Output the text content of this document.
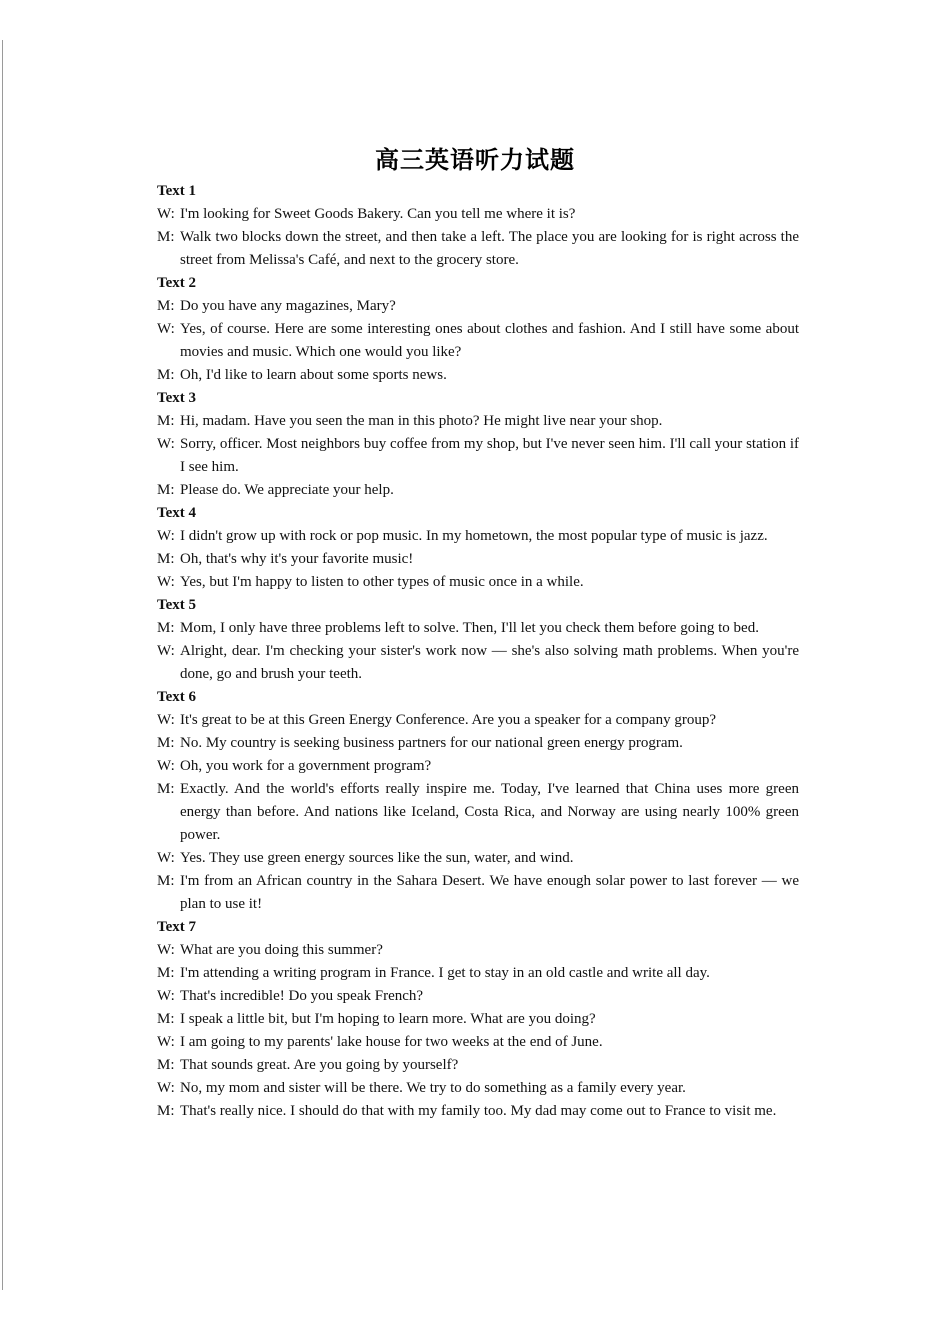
高三英语听力试题
Text 1
W: I'm looking for Sweet Goods Bakery. Can you tell me where it is?
M: Walk two blocks down the street, and then take a left. The place you are looking for is right across the street from Melissa's Café, and next to the grocery store.
Text 2
M: Do you have any magazines, Mary?
W: Yes, of course. Here are some interesting ones about clothes and fashion. And I still have some about movies and music. Which one would you like?
M: Oh, I'd like to learn about some sports news.
Text 3
M: Hi, madam. Have you seen the man in this photo? He might live near your shop.
W: Sorry, officer. Most neighbors buy coffee from my shop, but I've never seen him. I'll call your station if I see him.
M: Please do. We appreciate your help.
Text 4
W: I didn't grow up with rock or pop music. In my hometown, the most popular type of music is jazz.
M: Oh, that's why it's your favorite music!
W: Yes, but I'm happy to listen to other types of music once in a while.
Text 5
M: Mom, I only have three problems left to solve. Then, I'll let you check them before going to bed.
W: Alright, dear. I'm checking your sister's work now — she's also solving math problems. When you're done, go and brush your teeth.
Text 6
W: It's great to be at this Green Energy Conference. Are you a speaker for a company group?
M: No. My country is seeking business partners for our national green energy program.
W: Oh, you work for a government program?
M: Exactly. And the world's efforts really inspire me. Today, I've learned that China uses more green energy than before. And nations like Iceland, Costa Rica, and Norway are using nearly 100% green power.
W: Yes. They use green energy sources like the sun, water, and wind.
M: I'm from an African country in the Sahara Desert. We have enough solar power to last forever — we plan to use it!
Text 7
W: What are you doing this summer?
M: I'm attending a writing program in France. I get to stay in an old castle and write all day.
W: That's incredible! Do you speak French?
M: I speak a little bit, but I'm hoping to learn more. What are you doing?
W: I am going to my parents' lake house for two weeks at the end of June.
M: That sounds great. Are you going by yourself?
W: No, my mom and sister will be there. We try to do something as a family every year.
M: That's really nice. I should do that with my family too. My dad may come out to France to visit me.
